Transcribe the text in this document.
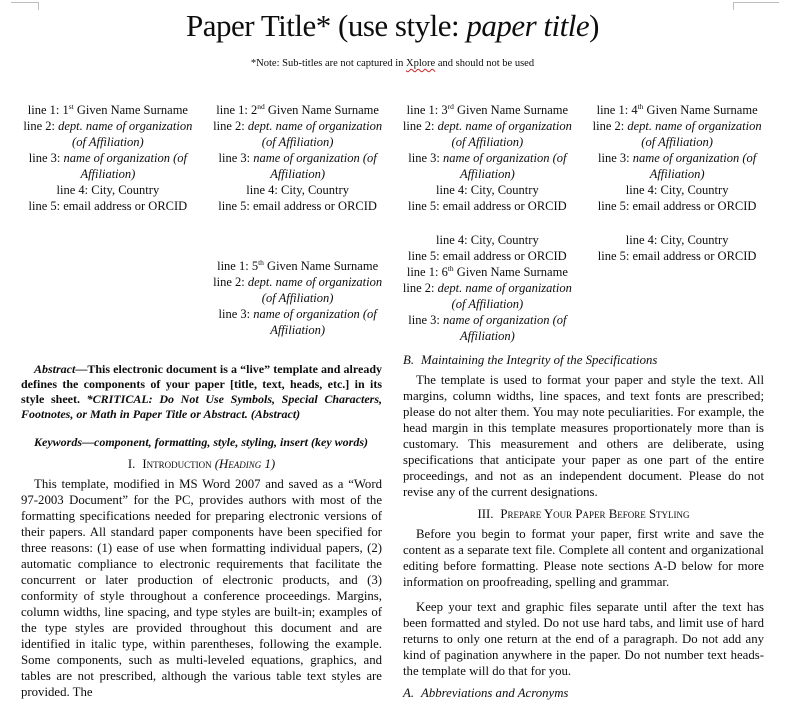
Paper Title* (use style: paper title)
*Note: Sub-titles are not captured in Xplore and should not be used
line 1: 1st Given Name Surname
line 2: dept. name of organization (of Affiliation)
line 3: name of organization (of Affiliation)
line 4: City, Country
line 5: email address or ORCID
line 1: 2nd Given Name Surname
line 2: dept. name of organization (of Affiliation)
line 3: name of organization (of Affiliation)
line 4: City, Country
line 5: email address or ORCID
line 1: 3rd Given Name Surname
line 2: dept. name of organization (of Affiliation)
line 3: name of organization (of Affiliation)
line 4: City, Country
line 5: email address or ORCID
line 1: 4th Given Name Surname
line 2: dept. name of organization (of Affiliation)
line 3: name of organization (of Affiliation)
line 4: City, Country
line 5: email address or ORCID
line 1: 5th Given Name Surname
line 2: dept. name of organization (of Affiliation)
line 3: name of organization (of Affiliation)
line 4: City, Country
line 5: email address or ORCID
line 1: 6th Given Name Surname
line 2: dept. name of organization (of Affiliation)
line 3: name of organization (of Affiliation)
line 4: City, Country
line 5: email address or ORCID

Abstract—This electronic document is a “live” template and already defines the components of your paper [title, text, heads, etc.] in its style sheet. *CRITICAL: Do Not Use Symbols, Special Characters, Footnotes, or Math in Paper Title or Abstract. (Abstract)

Keywords—component, formatting, style, styling, insert (key words)

I. Introduction (Heading 1)

This template, modified in MS Word 2007 and saved as a “Word 97-2003 Document” for the PC, provides authors with most of the formatting specifications needed for preparing electronic versions of their papers. All standard paper components have been specified for three reasons: (1) ease of use when formatting individual papers, (2) automatic compliance to electronic requirements that facilitate the concurrent or later production of electronic products, and (3) conformity of style throughout a conference proceedings. Margins, column widths, line spacing, and type styles are built-in; examples of the type styles are provided throughout this document and are identified in italic type, within parentheses, following the example. Some components, such as multi-leveled equations, graphics, and tables are not prescribed, although the various table text styles are provided. The

B. Maintaining the Integrity of the Specifications

The template is used to format your paper and style the text. All margins, column widths, line spaces, and text fonts are prescribed; please do not alter them. You may note peculiarities. For example, the head margin in this template measures proportionately more than is customary. This measurement and others are deliberate, using specifications that anticipate your paper as one part of the entire proceedings, and not as an independent document. Please do not revise any of the current designations.

III. Prepare Your Paper Before Styling

Before you begin to format your paper, first write and save the content as a separate text file. Complete all content and organizational editing before formatting. Please note sections A-D below for more information on proofreading, spelling and grammar.

Keep your text and graphic files separate until after the text has been formatted and styled. Do not use hard tabs, and limit use of hard returns to only one return at the end of a paragraph. Do not add any kind of pagination anywhere in the paper. Do not number text heads-the template will do that for you.

A. Abbreviations and Acronyms
